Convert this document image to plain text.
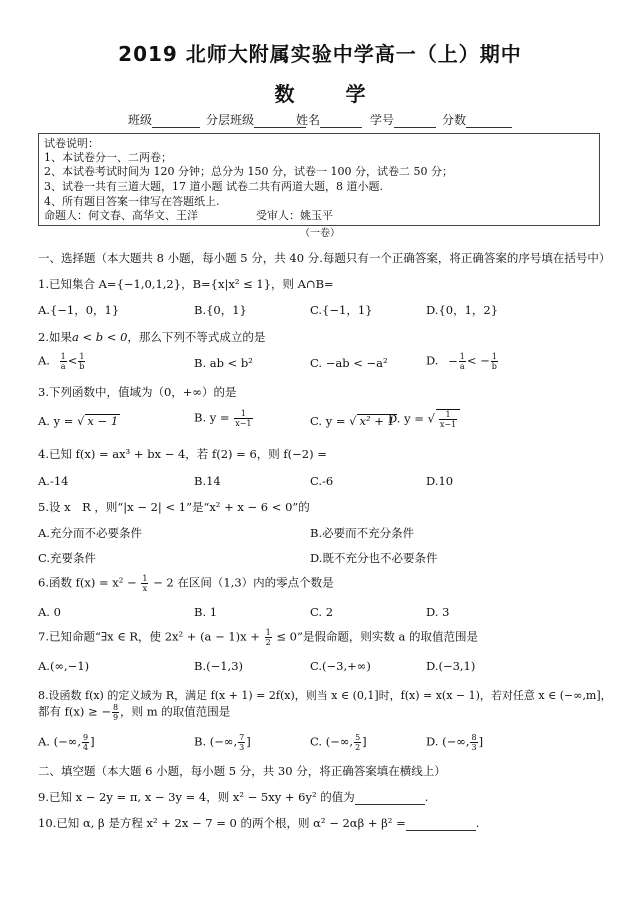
2019 北师大附属实验中学高一（上）期中
数	学
班级	分层班级	姓名	学号	分数
试卷说明：
1、本试卷分一、二两卷；
2、本试卷考试时间为 120 分钟；总分为 150 分，试卷一 100 分，试卷二 50 分；
3、试卷一共有三道大题，17 道小题 试卷二共有两道大题，8 道小题.
4、所有题目答案一律写在答题纸上.
命题人：何文春、高华文、王洋	受审人：姚玉平
（一卷）
一、选择题（本大题共 8 小题，每小题 5 分，共 40 分.每题只有一个正确答案，将正确答案的序号填在括号中）
1.已知集合 A={−1,0,1,2}，B={x|x² ≤ 1}，则 A∩B=
A.{−1，0，1}	B.{0，1}	C.{−1，1}	D.{0，1，2}
2.如果a < b < 0，那么下列不等式成立的是
A. $\frac{1}{a} < \frac{1}{b}$	B. ab < b²	C. −ab < −a²	D. − $\frac{1}{a}$ < − $\frac{1}{b}$
3.下列函数中，值域为（0，+∞）的是
A. y = √ x − 1	B. $y = \frac{1}{x-1}$	C. y = √ x² + 1
D. y = √ $\frac{1}{x-1}$
4.已知 f(x) = ax³ + bx − 4，若 f(2) = 6，则 f(−2) =
A.-14	B.14	C.-6	D.10
5.设 x　R ，则“|x − 2| < 1”是“x² + x − 6 < 0”的
A.充分而不必要条件	B.必要而不充分条件
C.充要条件	D.既不充分也不必要条件
6.函数 $f(x) = x^2 - \frac{1}{x} - 2$ 在区间（1,3）内的零点个数是
A. 0	B. 1	C. 2	D. 3
7.已知命题“∃x ∈ R，使 $2x^2 + (a - 1)x + \frac{1}{2} \le 0$”是假命题，则实数 a 的取值范围是
A.(∞,−1)	B.(−1,3)	C.(−3,+∞)	D.(−3,1)
8.设函数 f(x) 的定义域为 R，满足 f(x + 1) = 2f(x)，则当 x ∈ (0,1]时，f(x) = x(x − 1)，若对任意 x ∈ (−∞,m]，
都有 f(x) ≥ − $\frac{8}{9}$ ，则 m 的取值范围是
A. (−∞, $\frac{9}{4}$ ]	B. (−∞, $\frac{7}{3}$ ]	C. (−∞, $\frac{5}{2}$ ]	D. (−∞, $\frac{8}{3}$ ]
二、填空题（本大题 6 小题，每小题 5 分，共 30 分，将正确答案填在横线上）
9.已知 x − 2y = π, x − 3y = 4，则 x² − 5xy + 6y² 的值为	.
10.已知 α, β 是方程 x² + 2x − 7 = 0 的两个根，则 α² − 2αβ + β² =	.
